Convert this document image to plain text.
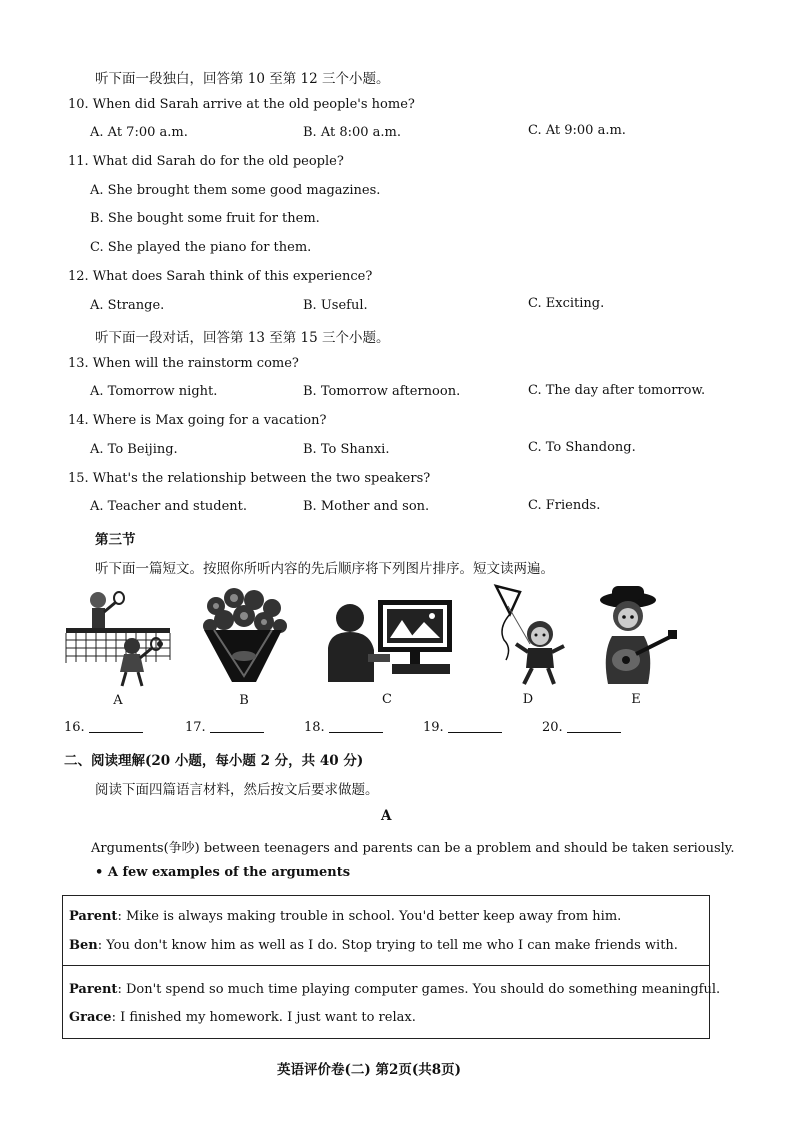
听下面一段独白，回答第 10 至第 12 三个小题。
10. When did Sarah arrive at the old people's home?
A. At 7:00 a.m.	B. At 8:00 a.m.	C. At 9:00 a.m.
11. What did Sarah do for the old people?
A. She brought them some good magazines.
B. She bought some fruit for them.
C. She played the piano for them.
12. What does Sarah think of this experience?
A. Strange.	B. Useful.	C. Exciting.
听下面一段对话，回答第 13 至第 15 三个小题。
13. When will the rainstorm come?
A. Tomorrow night.	B. Tomorrow afternoon.	C. The day after tomorrow.
14. Where is Max going for a vacation?
A. To Beijing.	B. To Shanxi.	C. To Shandong.
15. What's the relationship between the two speakers?
A. Teacher and student.	B. Mother and son.	C. Friends.
第三节
听下面一篇短文。按照你所听内容的先后顺序将下列图片排序。短文读两遍。
A	B	C	D	E
16.	17.	18.	19.	20.
二、阅读理解(20 小题，每小题 2 分，共 40 分)
阅读下面四篇语言材料，然后按文后要求做题。
A
Arguments(争吵) between teenagers and parents can be a problem and should be taken seriously.
• A few examples of the arguments
Parent: Mike is always making trouble in school. You'd better keep away from him.
Ben: You don't know him as well as I do. Stop trying to tell me who I can make friends with.
Parent: Don't spend so much time playing computer games. You should do something meaningful.
Grace: I finished my homework. I just want to relax.
英语评价卷(二) 第2页(共8页)
